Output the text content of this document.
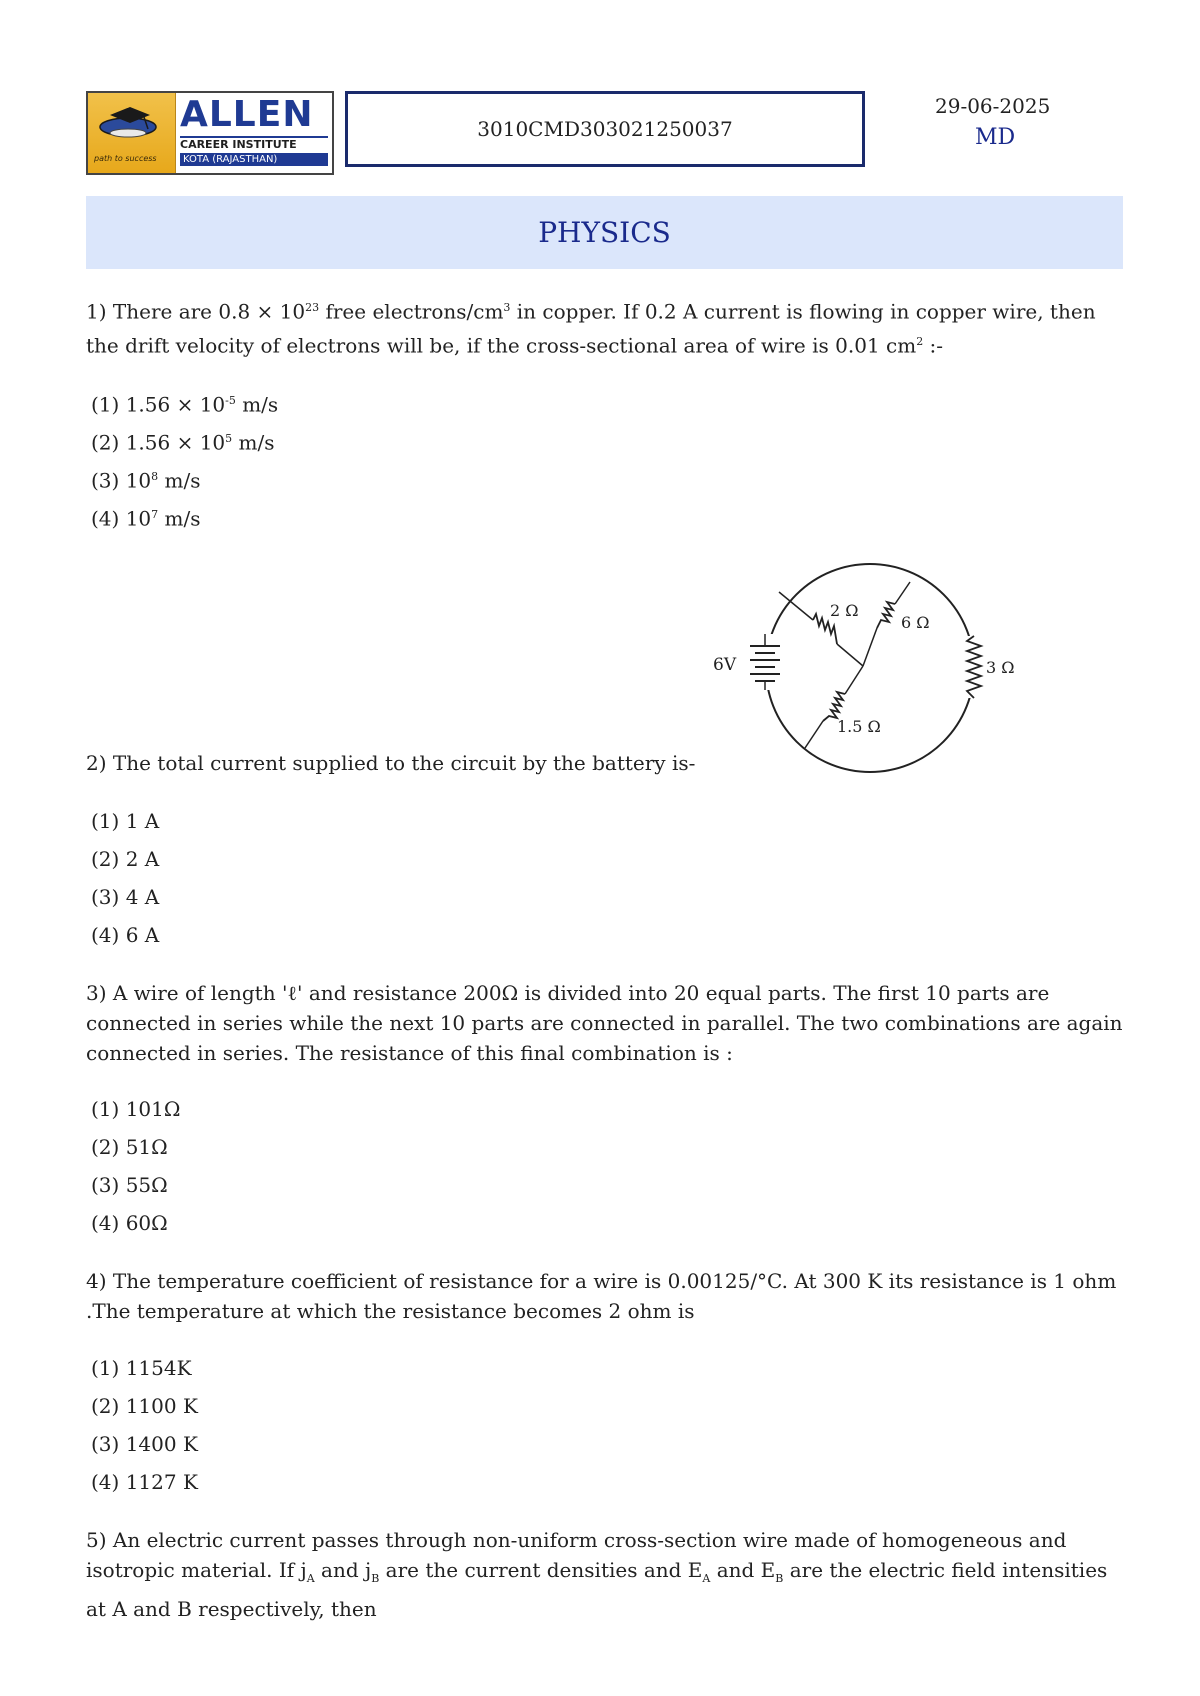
path to success
ALLEN
CAREER INSTITUTE
KOTA (RAJASTHAN)
3010CMD303021250037
29-06-2025
MD
PHYSICS
1) There are $0.8 \times 10^{23}$ free electrons/$cm^3$ in copper. If 0.2 A current is flowing in copper wire, then the drift velocity of electrons will be, if the cross-sectional area of wire is 0.01 $cm^2$ :-
(1) $1.56 \times 10^{-5}$ m/s
(2) $1.56 \times 10^5$ m/s
(3) $10^8$ m/s
(4) $10^7$ m/s
6V
2 Ω
6 Ω
3 Ω
1.5 Ω
2) The total current supplied to the circuit by the battery is-
(1) 1 A
(2) 2 A
(3) 4 A
(4) 6 A
3) A wire of length 'ℓ' and resistance 200Ω is divided into 20 equal parts. The first 10 parts are connected in series while the next 10 parts are connected in parallel. The two combinations are again connected in series. The resistance of this final combination is :
(1) 101Ω
(2) 51Ω
(3) 55Ω
(4) 60Ω
4) The temperature coefficient of resistance for a wire is 0.00125/°C. At 300 K its resistance is 1 ohm .The temperature at which the resistance becomes 2 ohm is
(1) 1154K
(2) 1100 K
(3) 1400 K
(4) 1127 K
5) An electric current passes through non-uniform cross-section wire made of homogeneous and isotropic material. If $j_A$ and $j_B$ are the current densities and $E_A$ and $E_B$ are the electric field intensities at A and B respectively, then
